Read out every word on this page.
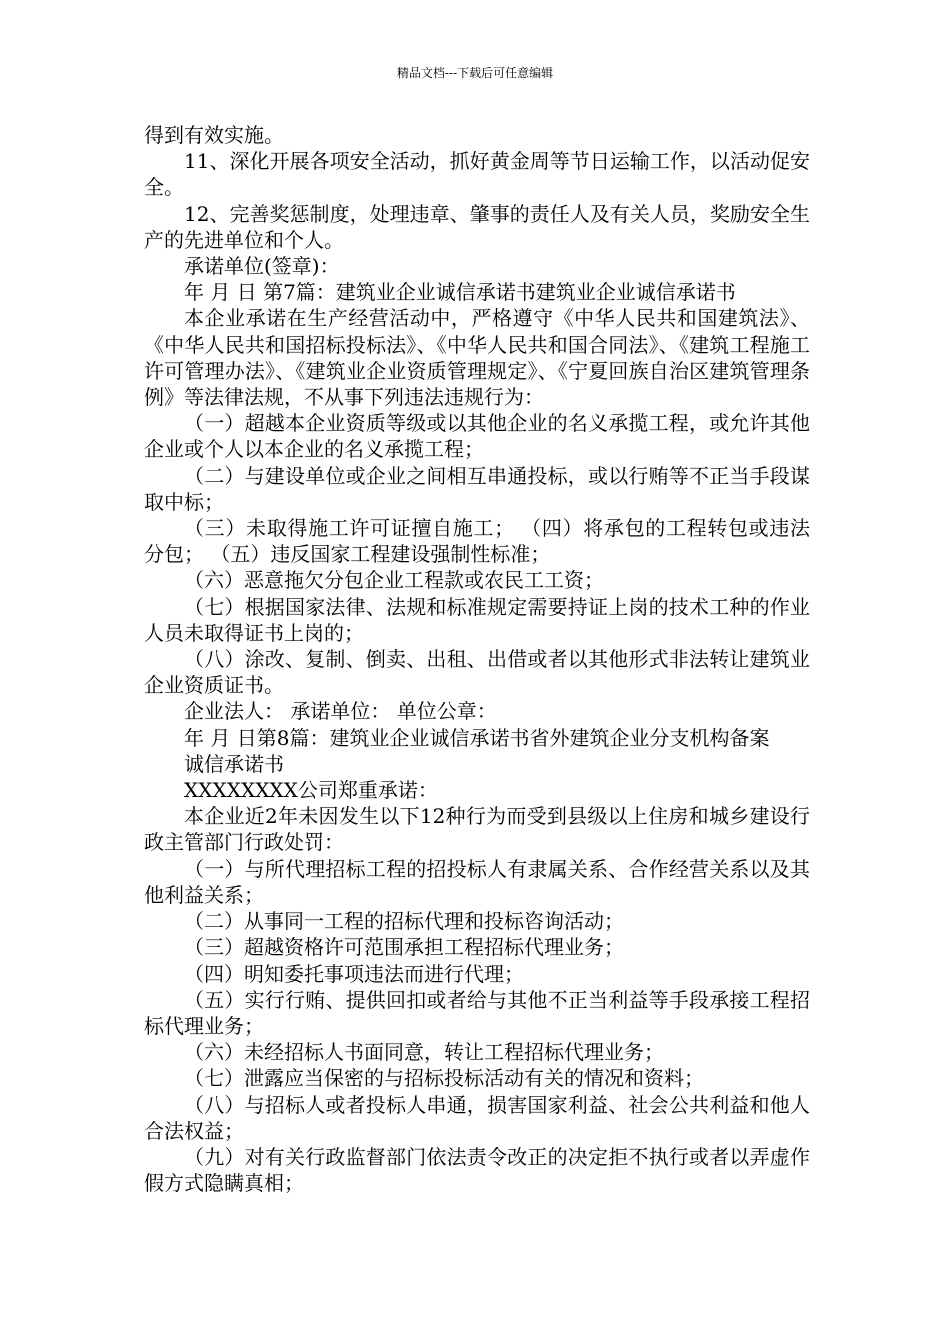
精品文档---下载后可任意编辑

得到有效实施。

11、深化开展各项安全活动，抓好黄金周等节日运输工作，以活动促安全。

12、完善奖惩制度，处理违章、肇事的责任人及有关人员，奖励安全生产的先进单位和个人。

承诺单位(签章)：

年 月 日 第7篇：建筑业企业诚信承诺书建筑业企业诚信承诺书

本企业承诺在生产经营活动中，严格遵守《中华人民共和国建筑法》、《中华人民共和国招标投标法》、《中华人民共和国合同法》、《建筑工程施工许可管理办法》、《建筑业企业资质管理规定》、《宁夏回族自治区建筑管理条例》等法律法规，不从事下列违法违规行为：

（一）超越本企业资质等级或以其他企业的名义承揽工程，或允许其他企业或个人以本企业的名义承揽工程；

（二）与建设单位或企业之间相互串通投标，或以行贿等不正当手段谋取中标；

（三）未取得施工许可证擅自施工； （四）将承包的工程转包或违法分包； （五）违反国家工程建设强制性标准；

（六）恶意拖欠分包企业工程款或农民工工资；

（七）根据国家法律、法规和标准规定需要持证上岗的技术工种的作业人员未取得证书上岗的；

（八）涂改、复制、倒卖、出租、出借或者以其他形式非法转让建筑业企业资质证书。

企业法人： 承诺单位： 单位公章：

年 月 日第8篇：建筑业企业诚信承诺书省外建筑企业分支机构备案

诚信承诺书

XXXXXXXX公司郑重承诺：

本企业近2年未因发生以下12种行为而受到县级以上住房和城乡建设行政主管部门行政处罚：

（一）与所代理招标工程的招投标人有隶属关系、合作经营关系以及其他利益关系；

（二）从事同一工程的招标代理和投标咨询活动；

（三）超越资格许可范围承担工程招标代理业务；

（四）明知委托事项违法而进行代理；

（五）实行行贿、提供回扣或者给与其他不正当利益等手段承接工程招标代理业务；

（六）未经招标人书面同意，转让工程招标代理业务；

（七）泄露应当保密的与招标投标活动有关的情况和资料；

（八）与招标人或者投标人串通，损害国家利益、社会公共利益和他人合法权益；

（九）对有关行政监督部门依法责令改正的决定拒不执行或者以弄虚作假方式隐瞒真相；
